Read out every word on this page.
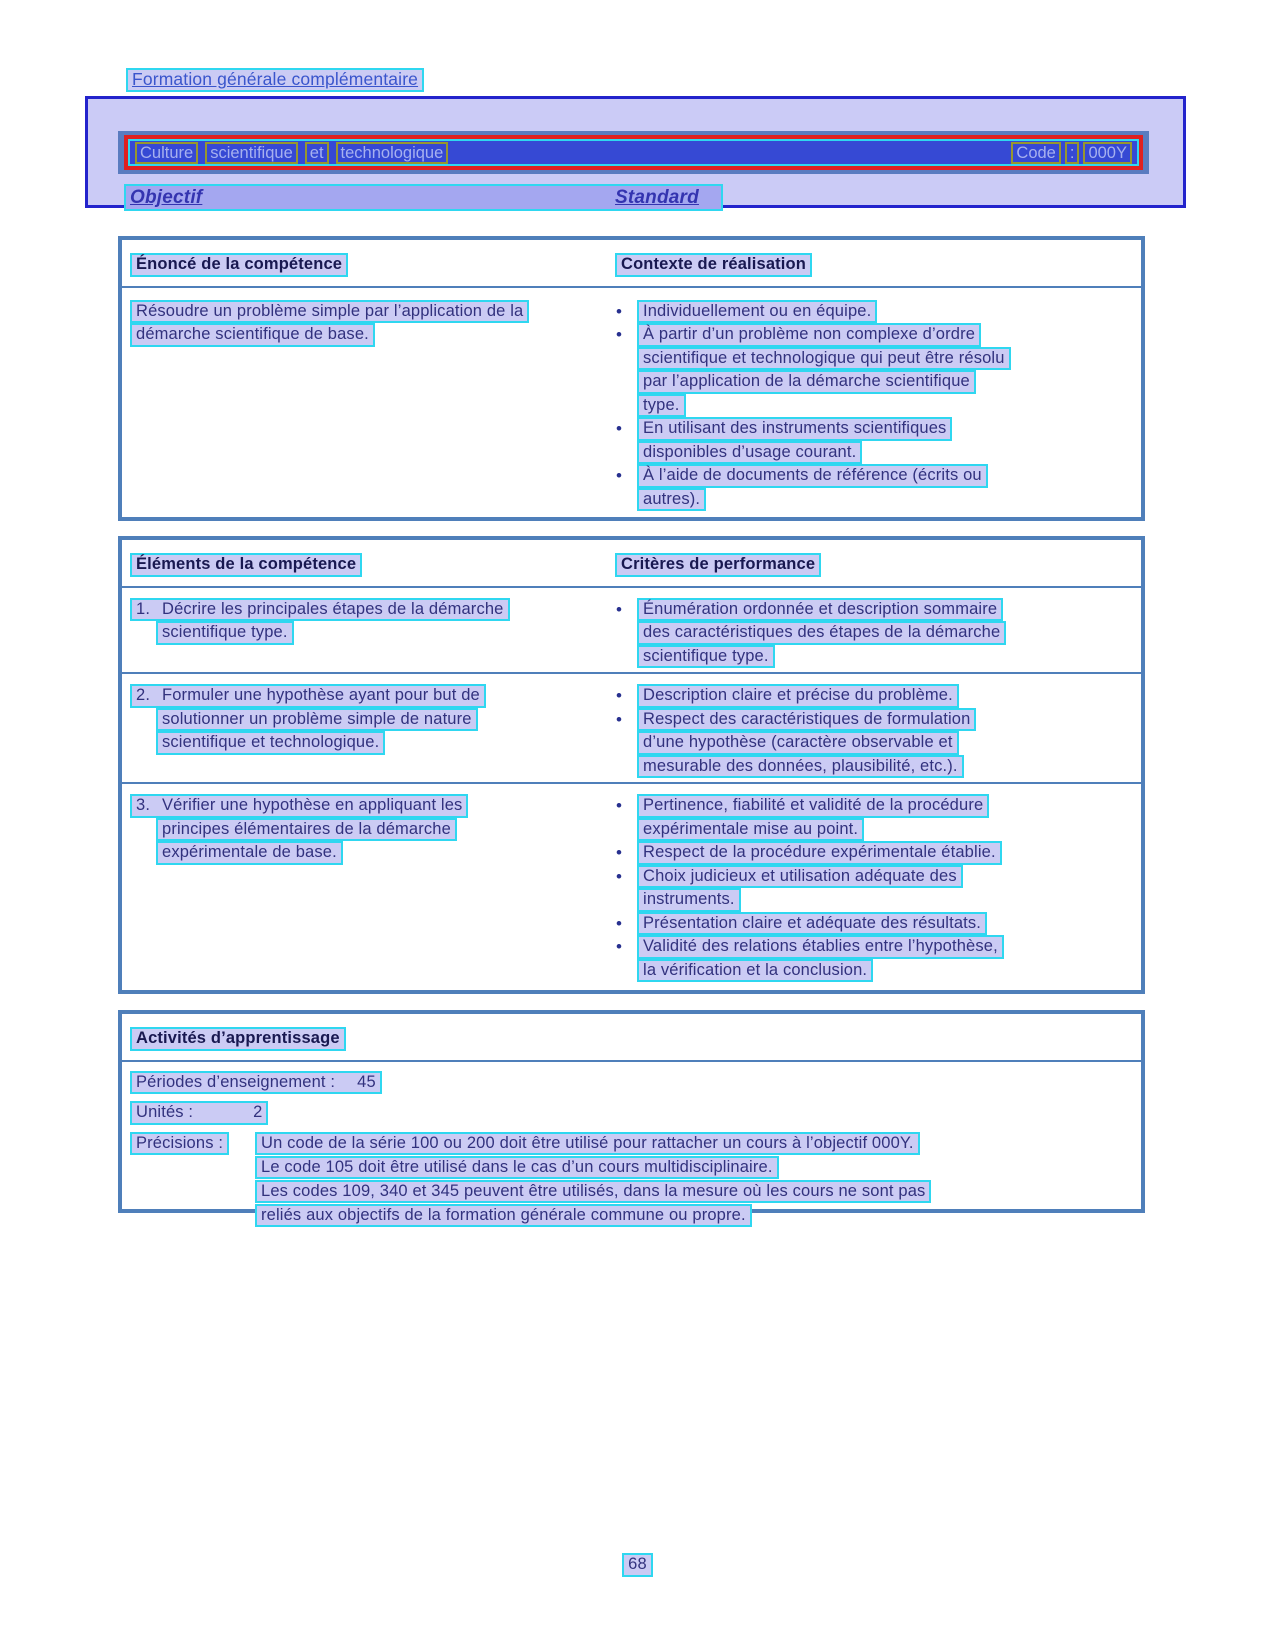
Formation générale complémentaire
Culture	scientifique	et	technologique	Code : 000Y
Objectif	Standard
Énoncé de la compétence	Contexte de réalisation
Résoudre un problème simple par l’application de la
démarche scientifique de base.
•	Individuellement ou en équipe.
•	À partir d’un problème non complexe d’ordre
scientifique et technologique qui peut être résolu
par l’application de la démarche scientifique
type.
•	En utilisant des instruments scientifiques
disponibles d’usage courant.
•	À l’aide de documents de référence (écrits ou
autres).
Éléments de la compétence	Critères de performance
1. Décrire les principales étapes de la démarche
scientifique type.
•	Énumération ordonnée et description sommaire
des caractéristiques des étapes de la démarche
scientifique type.
2. Formuler une hypothèse ayant pour but de
solutionner un problème simple de nature
scientifique et technologique.
•	Description claire et précise du problème.
•	Respect des caractéristiques de formulation
d’une hypothèse (caractère observable et
mesurable des données, plausibilité, etc.).
3. Vérifier une hypothèse en appliquant les
principes élémentaires de la démarche
expérimentale de base.
•	Pertinence, fiabilité et validité de la procédure
expérimentale mise au point.
•	Respect de la procédure expérimentale établie.
•	Choix judicieux et utilisation adéquate des
instruments.
•	Présentation claire et adéquate des résultats.
•	Validité des relations établies entre l’hypothèse,
la vérification et la conclusion.
Activités d’apprentissage
Périodes d’enseignement : 45
Unités :	2
Précisions :	Un code de la série 100 ou 200 doit être utilisé pour rattacher un cours à l’objectif 000Y.
Le code 105 doit être utilisé dans le cas d’un cours multidisciplinaire.
Les codes 109, 340 et 345 peuvent être utilisés, dans la mesure où les cours ne sont pas
reliés aux objectifs de la formation générale commune ou propre.
68
